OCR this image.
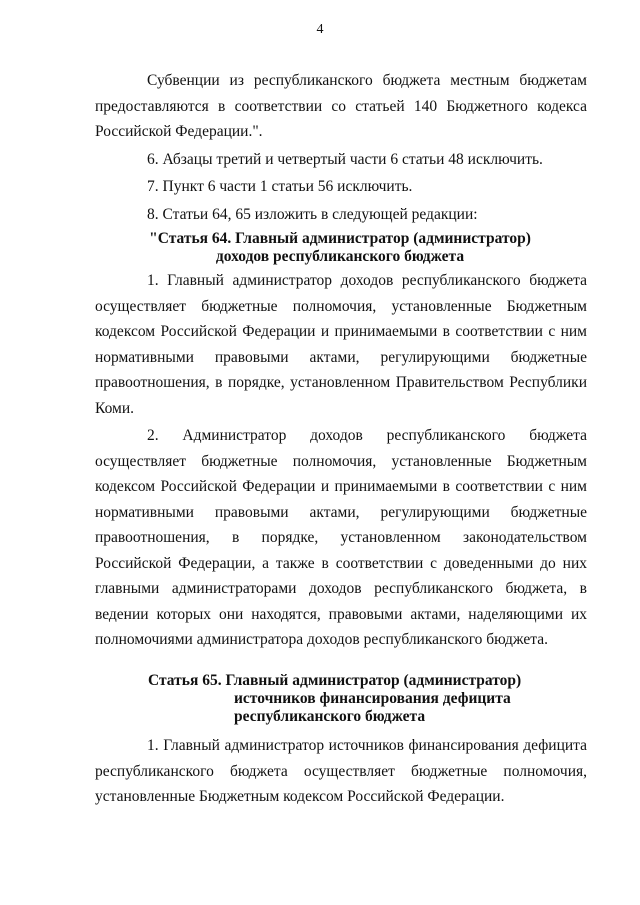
4

Субвенции из республиканского бюджета местным бюджетам предоставляются в соответствии со статьей 140 Бюджетного кодекса Российской Федерации.".

6. Абзацы третий и четвертый части 6 статьи 48 исключить.

7. Пункт 6 части 1 статьи 56 исключить.

8. Статьи 64, 65 изложить в следующей редакции:

"Статья 64. Главный администратор (администратор)
доходов республиканского бюджета

1. Главный администратор доходов республиканского бюджета осуществляет бюджетные полномочия, установленные Бюджетным кодексом Российской Федерации и принимаемыми в соответствии с ним нормативными правовыми актами, регулирующими бюджетные правоотношения, в порядке, установленном Правительством Республики Коми.

2. Администратор доходов республиканского бюджета осуществляет бюджетные полномочия, установленные Бюджетным кодексом Российской Федерации и принимаемыми в соответствии с ним нормативными правовыми актами, регулирующими бюджетные правоотношения, в порядке, установленном законодательством Российской Федерации, а также в соответствии с доведенными до них главными администраторами доходов республиканского бюджета, в ведении которых они находятся, правовыми актами, наделяющими их полномочиями администратора доходов республиканского бюджета.

Статья 65. Главный администратор (администратор)
источников финансирования дефицита
республиканского бюджета

1. Главный администратор источников финансирования дефицита республиканского бюджета осуществляет бюджетные полномочия, установленные Бюджетным кодексом Российской Федерации.
